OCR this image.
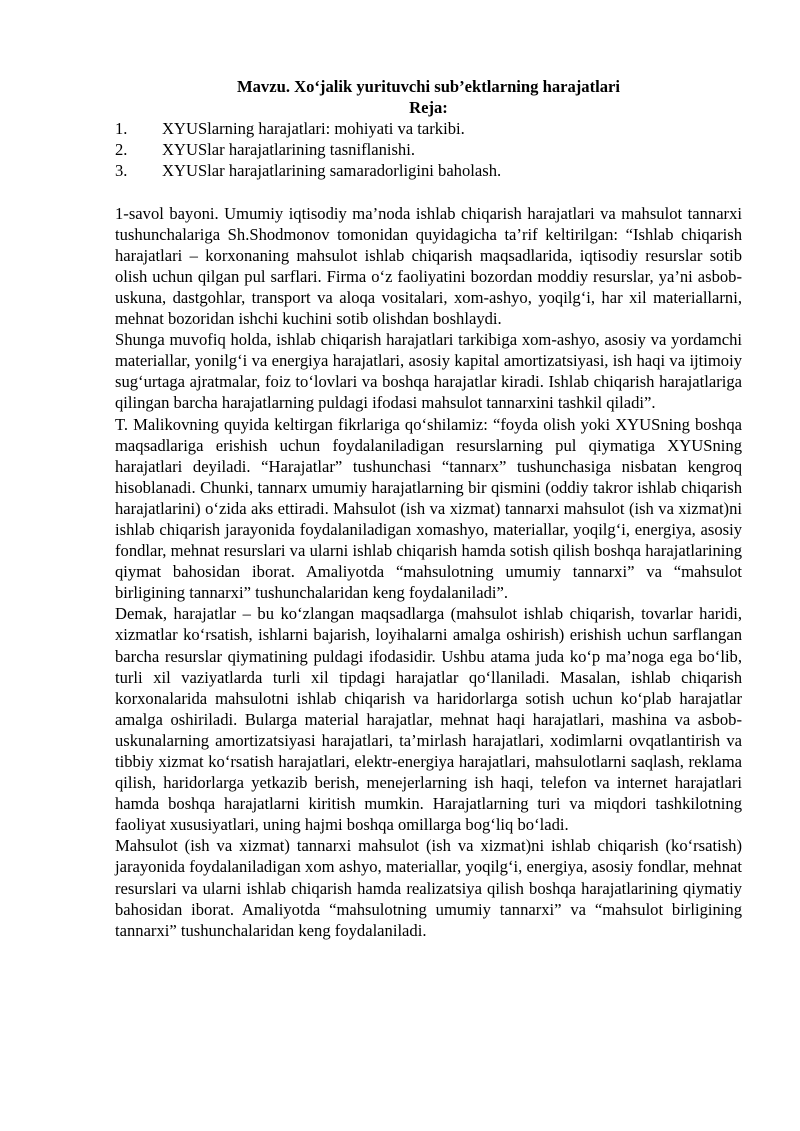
Mavzu. Xo‘jalik yurituvchi sub’ektlarning harajatlari

Reja:

1.	XYUSlarning harajatlari: mohiyati va tarkibi.
2.	XYUSlar harajatlarining tasniflanishi.
3.	XYUSlar harajatlarining samaradorligini baholash.

1-savol bayoni. Umumiy iqtisodiy ma’noda ishlab chiqarish harajatlari va mahsulot tannarxi tushunchalariga Sh.Shodmonov tomonidan quyidagicha ta’rif keltirilgan: “Ishlab chiqarish harajatlari – korxonaning mahsulot ishlab chiqarish maqsadlarida, iqtisodiy resurslar sotib olish uchun qilgan pul sarflari. Firma o‘z faoliyatini bozordan moddiy resurslar, ya’ni asbob-uskuna, dastgohlar, transport va aloqa vositalari, xom-ashyo, yoqilg‘i, har xil materiallarni, mehnat bozoridan ishchi kuchini sotib olishdan boshlaydi.

Shunga muvofiq holda, ishlab chiqarish harajatlari tarkibiga xom-ashyo, asosiy va yordamchi materiallar, yonilg‘i va energiya harajatlari, asosiy kapital amortizatsiyasi, ish haqi va ijtimoiy sug‘urtaga ajratmalar, foiz to‘lovlari va boshqa harajatlar kiradi. Ishlab chiqarish harajatlariga qilingan barcha harajatlarning puldagi ifodasi mahsulot tannarxini tashkil qiladi”.

T. Malikovning quyida keltirgan fikrlariga qo‘shilamiz: “foyda olish yoki XYUSning boshqa maqsadlariga erishish uchun foydalaniladigan resurslarning pul qiymatiga XYUSning harajatlari deyiladi. “Harajatlar” tushunchasi “tannarx” tushunchasiga nisbatan kengroq hisoblanadi. Chunki, tannarx umumiy harajatlarning bir qismini (oddiy takror ishlab chiqarish harajatlarini) o‘zida aks ettiradi. Mahsulot (ish va xizmat) tannarxi mahsulot (ish va xizmat)ni ishlab chiqarish jarayonida foydalaniladigan xomashyo, materiallar, yoqilg‘i, energiya, asosiy fondlar, mehnat resurslari va ularni ishlab chiqarish hamda sotish qilish boshqa harajatlarining qiymat bahosidan iborat. Amaliyotda “mahsulotning umumiy tannarxi” va “mahsulot birligining tannarxi” tushunchalaridan keng foydalaniladi”.

Demak, harajatlar – bu ko‘zlangan maqsadlarga (mahsulot ishlab chiqarish, tovarlar haridi, xizmatlar ko‘rsatish, ishlarni bajarish, loyihalarni amalga oshirish) erishish uchun sarflangan barcha resurslar qiymatining puldagi ifodasidir. Ushbu atama juda ko‘p ma’noga ega bo‘lib, turli xil vaziyatlarda turli xil tipdagi harajatlar qo‘llaniladi. Masalan, ishlab chiqarish korxonalarida mahsulotni ishlab chiqarish va haridorlarga sotish uchun ko‘plab harajatlar amalga oshiriladi. Bularga material harajatlar, mehnat haqi harajatlari, mashina va asbob-uskunalarning amortizatsiyasi harajatlari, ta’mirlash harajatlari, xodimlarni ovqatlantirish va tibbiy xizmat ko‘rsatish harajatlari, elektr-energiya harajatlari, mahsulotlarni saqlash, reklama qilish, haridorlarga yetkazib berish, menejerlarning ish haqi, telefon va internet harajatlari hamda boshqa harajatlarni kiritish mumkin. Harajatlarning turi va miqdori tashkilotning faoliyat xususiyatlari, uning hajmi boshqa omillarga bog‘liq bo‘ladi.

Mahsulot (ish va xizmat) tannarxi mahsulot (ish va xizmat)ni ishlab chiqarish (ko‘rsatish) jarayonida foydalaniladigan xom ashyo, materiallar, yoqilg‘i, energiya, asosiy fondlar, mehnat resurslari va ularni ishlab chiqarish hamda realizatsiya qilish boshqa harajatlarining qiymatiy bahosidan iborat. Amaliyotda “mahsulotning umumiy tannarxi” va “mahsulot birligining tannarxi” tushunchalaridan keng foydalaniladi.
